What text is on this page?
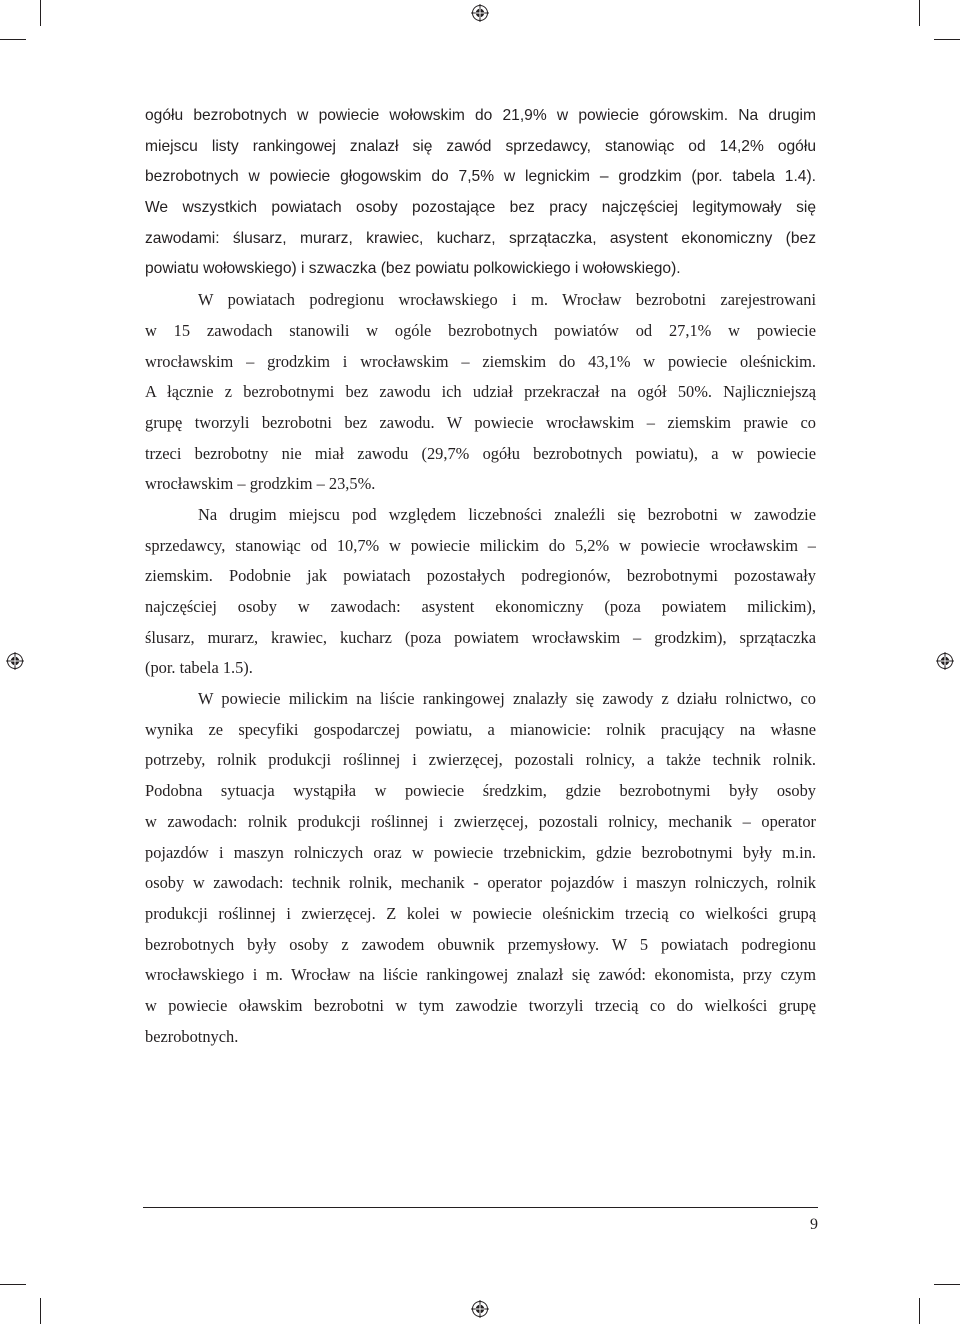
ogółu bezrobotnych w powiecie wołowskim do 21,9% w powiecie górowskim. Na drugim
miejscu listy rankingowej znalazł się zawód sprzedawcy, stanowiąc od 14,2% ogółu
bezrobotnych w powiecie głogowskim do 7,5% w legnickim – grodzkim (por. tabela 1.4).
We wszystkich powiatach osoby pozostające bez pracy najczęściej legitymowały się
zawodami: ślusarz, murarz, krawiec, kucharz, sprzątaczka, asystent ekonomiczny (bez
powiatu wołowskiego) i szwaczka (bez powiatu polkowickiego i wołowskiego).
W powiatach podregionu wrocławskiego i m. Wrocław bezrobotni zarejestrowani
w 15 zawodach stanowili w ogóle bezrobotnych powiatów od 27,1% w powiecie
wrocławskim – grodzkim i wrocławskim – ziemskim do 43,1% w powiecie oleśnickim.
A łącznie z bezrobotnymi bez zawodu ich udział przekraczał na ogół 50%. Najliczniejszą
grupę tworzyli bezrobotni bez zawodu. W powiecie wrocławskim – ziemskim prawie co
trzeci bezrobotny nie miał zawodu (29,7% ogółu bezrobotnych powiatu), a w powiecie
wrocławskim – grodzkim – 23,5%.
Na drugim miejscu pod względem liczebności znaleźli się bezrobotni w zawodzie
sprzedawcy, stanowiąc od 10,7% w powiecie milickim do 5,2% w powiecie wrocławskim –
ziemskim. Podobnie jak powiatach pozostałych podregionów, bezrobotnymi pozostawały
najczęściej osoby w zawodach: asystent ekonomiczny (poza powiatem milickim),
ślusarz, murarz, krawiec, kucharz (poza powiatem wrocławskim – grodzkim), sprzątaczka
(por. tabela 1.5).
W powiecie milickim na liście rankingowej znalazły się zawody z działu rolnictwo, co
wynika ze specyfiki gospodarczej powiatu, a mianowicie: rolnik pracujący na własne
potrzeby, rolnik produkcji roślinnej i zwierzęcej, pozostali rolnicy, a także technik rolnik.
Podobna sytuacja wystąpiła w powiecie średzkim, gdzie bezrobotnymi były osoby
w zawodach: rolnik produkcji roślinnej i zwierzęcej, pozostali rolnicy, mechanik – operator
pojazdów i maszyn rolniczych oraz w powiecie trzebnickim, gdzie bezrobotnymi były m.in.
osoby w zawodach: technik rolnik, mechanik - operator pojazdów i maszyn rolniczych, rolnik
produkcji roślinnej i zwierzęcej. Z kolei w powiecie oleśnickim trzecią co wielkości grupą
bezrobotnych były osoby z zawodem obuwnik przemysłowy. W 5 powiatach podregionu
wrocławskiego i m. Wrocław na liście rankingowej znalazł się zawód: ekonomista, przy czym
w powiecie oławskim bezrobotni w tym zawodzie tworzyli trzecią co do wielkości grupę
bezrobotnych.
9
